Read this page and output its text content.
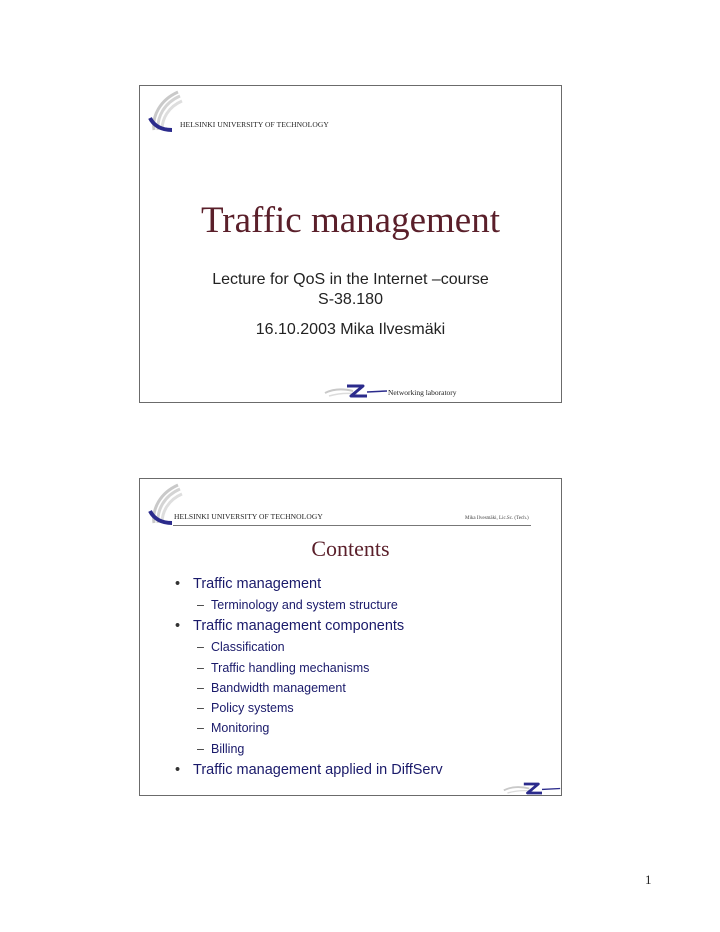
HELSINKI UNIVERSITY OF TECHNOLOGY
Traffic management
Lecture for QoS in the Internet –course
S-38.180
16.10.2003 Mika Ilvesmäki
Networking laboratory
HELSINKI UNIVERSITY OF TECHNOLOGY	Mika Ilvesmäki, Lic.Sc. (Tech.)
Contents
• Traffic management
– Terminology and system structure
• Traffic management components
– Classification
– Traffic handling mechanisms
– Bandwidth management
– Policy systems
– Monitoring
– Billing
• Traffic management applied in DiffServ
1
